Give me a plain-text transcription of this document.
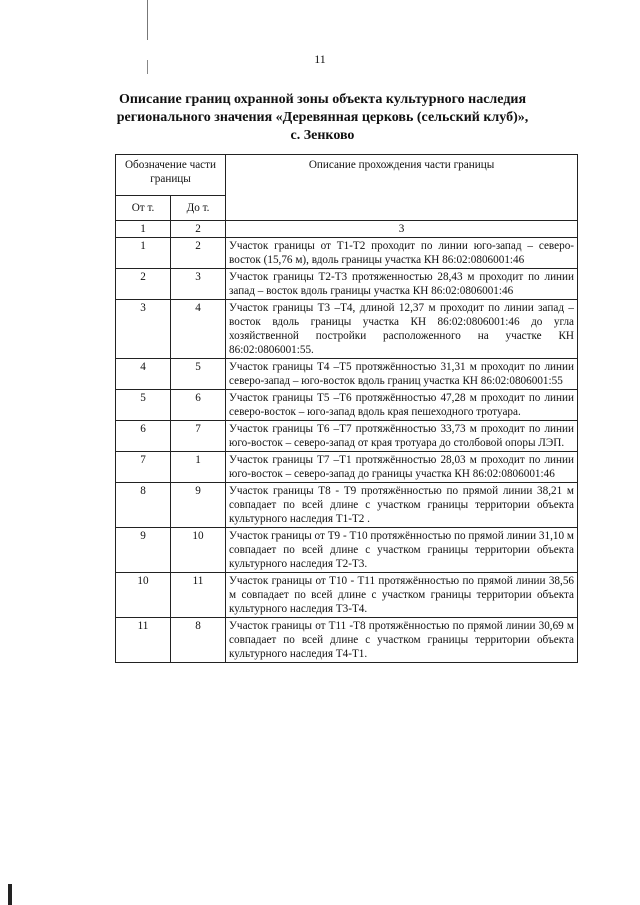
11
Описание границ охранной зоны объекта культурного наследия
регионального значения «Деревянная церковь (сельский клуб)»,
с. Зенково
Обозначение части границы		Описание прохождения части границы
От т.	До т.	
1	2	3
1	2	Участок границы от Т1-Т2 проходит по линии юго-запад – северо-восток (15,76 м), вдоль границы участка КН 86:02:0806001:46
2	3	Участок границы Т2-Т3 протяженностью 28,43 м проходит по линии запад – восток вдоль границы участка КН 86:02:0806001:46
3	4	Участок границы Т3 –Т4, длиной 12,37 м проходит по линии запад – восток вдоль границы участка КН 86:02:0806001:46 до угла хозяйственной постройки расположенного на участке КН 86:02:0806001:55.
4	5	Участок границы Т4 –Т5 протяжённостью 31,31 м проходит по линии северо-запад – юго-восток вдоль границ участка КН 86:02:0806001:55
5	6	Участок границы Т5 –Т6 протяжённостью 47,28 м проходит по линии северо-восток – юго-запад вдоль края пешеходного тротуара.
6	7	Участок границы Т6 –Т7 протяжённостью 33,73 м проходит по линии юго-восток – северо-запад от края тротуара до столбовой опоры ЛЭП.
7	1	Участок границы Т7 –Т1 протяжённостью 28,03 м проходит по линии юго-восток – северо-запад до границы участка КН 86:02:0806001:46
8	9	Участок границы Т8 - Т9 протяжённостью по прямой линии 38,21 м совпадает по всей длине с участком границы территории объекта культурного наследия Т1-Т2 .
9	10	Участок границы от Т9 - Т10 протяжённостью по прямой линии 31,10 м совпадает по всей длине с участком границы территории объекта культурного наследия Т2-Т3.
10	11	Участок границы от Т10 - Т11 протяжённостью по прямой линии 38,56 м совпадает по всей длине с участком границы территории объекта культурного наследия Т3-Т4.
11	8	Участок границы от Т11 -Т8 протяжённостью по прямой линии 30,69 м совпадает по всей длине с участком границы территории объекта культурного наследия Т4-Т1.
